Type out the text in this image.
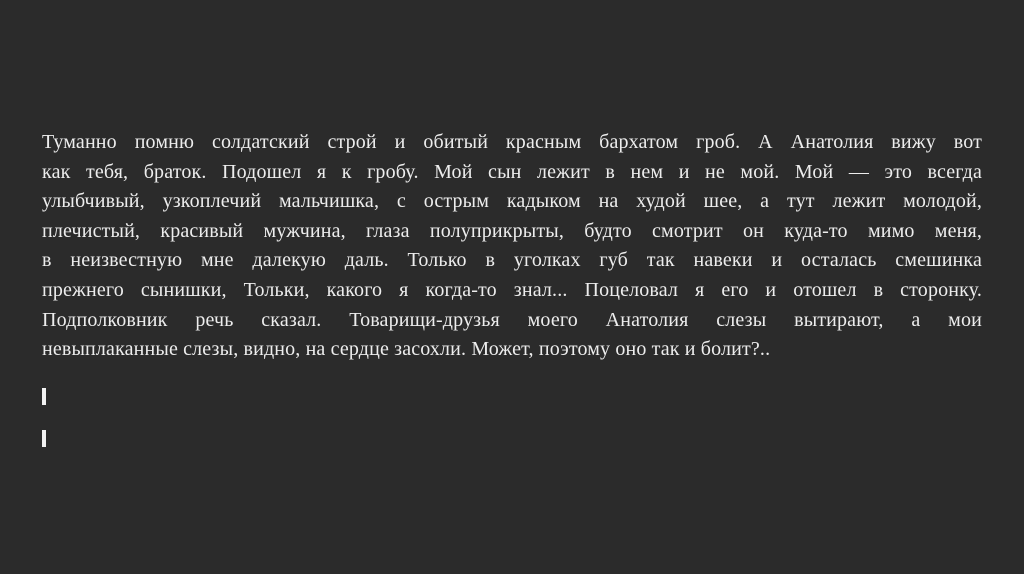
Туманно помню солдатский строй и обитый красным бархатом гроб. А Анатолия вижу вот
как тебя, браток. Подошел я к гробу. Мой сын лежит в нем и не мой. Мой — это всегда
улыбчивый, узкоплечий мальчишка, с острым кадыком на худой шее, а тут лежит молодой,
плечистый, красивый мужчина, глаза полуприкрыты, будто смотрит он куда-то мимо меня,
в неизвестную мне далекую даль. Только в уголках губ так навеки и осталась смешинка
прежнего сынишки, Тольки, какого я когда-то знал... Поцеловал я его и отошел в сторонку.
Подполковник речь сказал. Товарищи-друзья моего Анатолия слезы вытирают, а мои
невыплаканные слезы, видно, на сердце засохли. Может, поэтому оно так и болит?..
